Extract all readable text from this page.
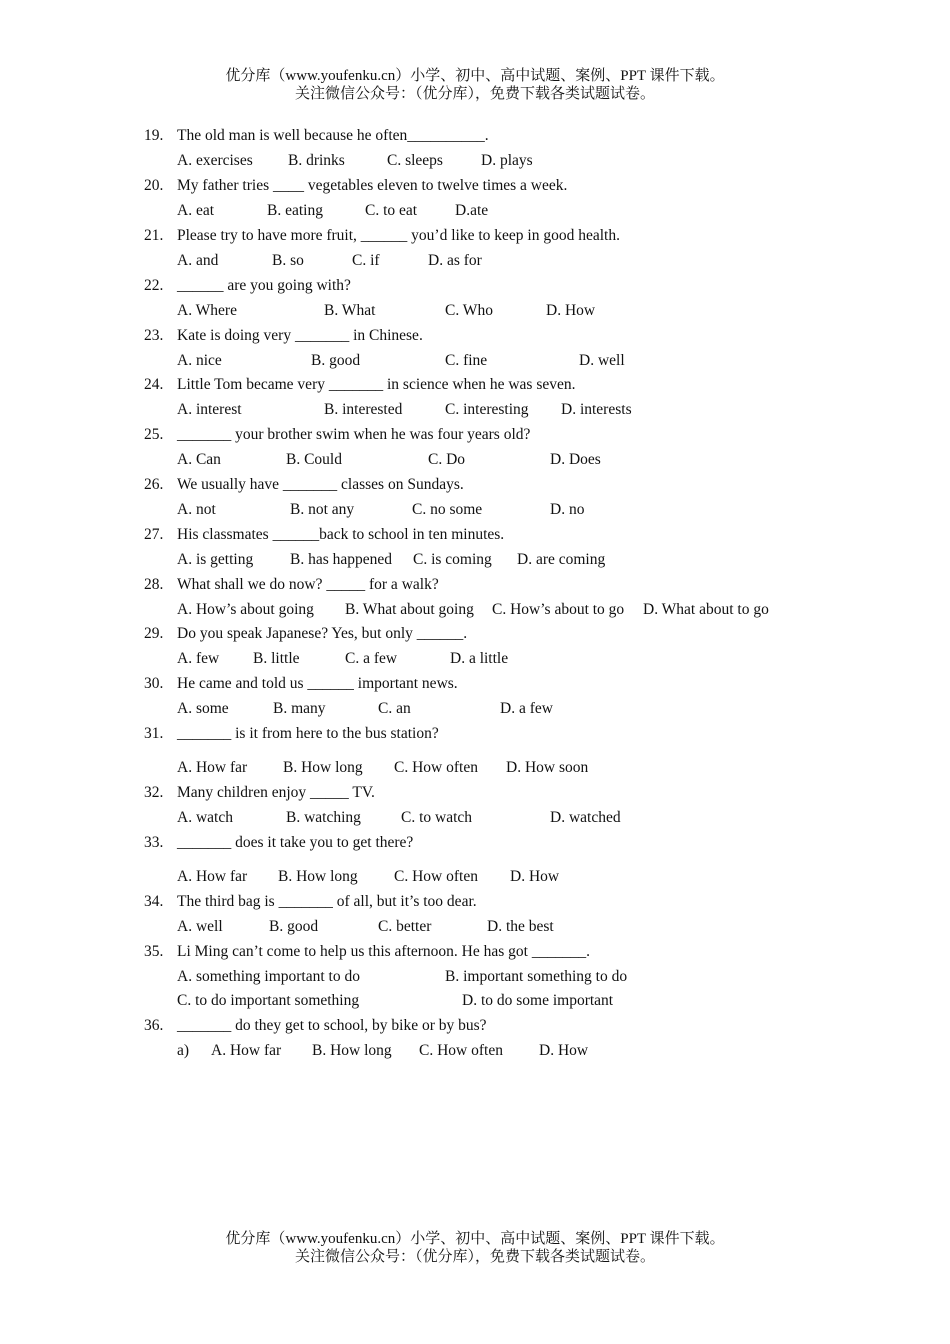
优分库（www.youfenku.cn）小学、初中、高中试题、案例、PPT 课件下载。
关注微信公众号：（优分库），免费下载各类试题试卷。
19. The old man is well because he often__________.
A. exercises B. drinks	C. sleeps D. plays
20. My father tries ____ vegetables eleven to twelve times a week.
A. eat	B. eating	C. to eat D.ate
21. Please try to have more fruit, ______ you’d like to keep in good health.
A. and	B. so	C. if	D. as for
22. ______ are you going with?
A. Where	B. What	C. Who	D. How
23. Kate is doing very _______ in Chinese.
A. nice	B. good	C. fine	D. well
24. Little Tom became very _______ in science when he was seven.
A. interest	B. interested	C. interesting D. interests
25. _______ your brother swim when he was four years old?
A. Can	B. Could	C. Do	D. Does
26. We usually have _______ classes on Sundays.
A. not	B. not any	C. no some	D. no
27. His classmates ______back to school in ten minutes.
A. is getting B. has happened C. is coming D. are coming
28. What shall we do now? _____ for a walk?
A. How’s about going B. What about going C. How’s about to go D. What about to go
29. Do you speak Japanese? Yes, but only ______.
A. few B. little	C. a few	D. a little
30. He came and told us ______ important news.
A. some	B. many	C. an	D. a few
31. _______ is it from here to the bus station?
A. How far B. How long C. How often D. How soon
32. Many children enjoy _____ TV.
A. watch	B. watching	C. to watch	D. watched
33. _______ does it take you to get there?
A. How far B. How long C. How often D. How
34. The third bag is _______ of all, but it’s too dear.
A. well	B. good	C. better	D. the best
35. Li Ming can’t come to help us this afternoon. He has got _______.
A. something important to do	B. important something to do
C. to do important something	D. to do some important
36. _______ do they get to school, by bike or by bus?
a) A. How far B. How long C. How often D. How
优分库（www.youfenku.cn）小学、初中、高中试题、案例、PPT 课件下载。
关注微信公众号：（优分库），免费下载各类试题试卷。
